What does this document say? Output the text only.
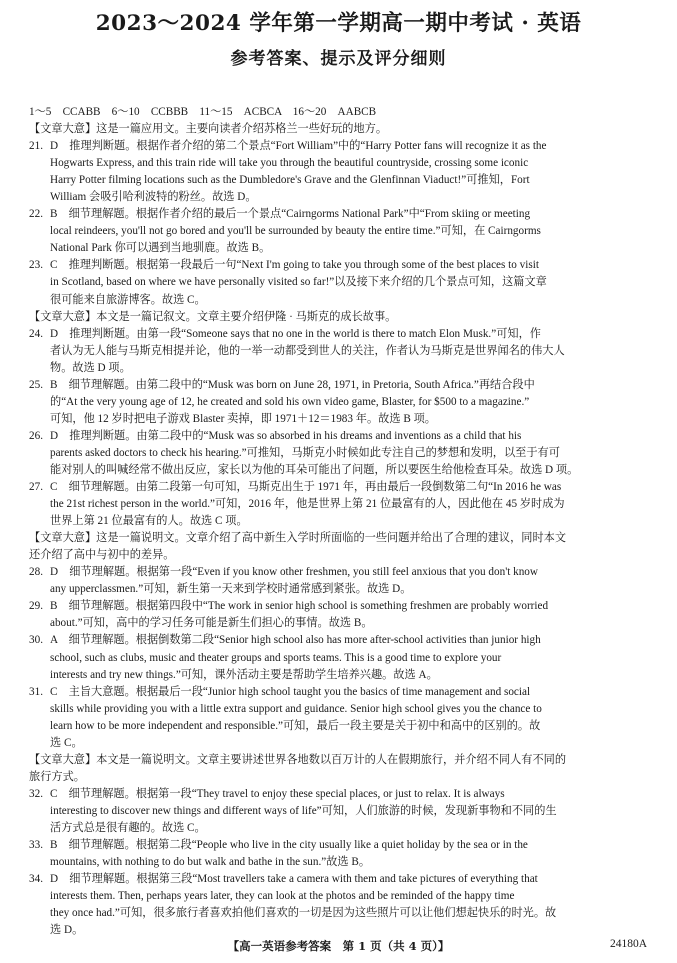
2023～2024 学年第一学期高一期中考试 · 英语
参考答案、提示及评分细则
1～5　CCABB　6～10　CCBBB　11～15　ACBCA　16～20　AABCB
【文章大意】这是一篇应用文。主要向读者介绍苏格兰一些好玩的地方。
21. D　推理判断题。根据作者介绍的第二个景点“Fort William”中的“Harry Potter fans will recognize it as the
Hogwarts Express, and this train ride will take you through the beautiful countryside, crossing some iconic
Harry Potter filming locations such as the Dumbledore's Grave and the Glenfinnan Viaduct!”可推知，Fort
William 会吸引哈利波特的粉丝。故选 D。
22. B　细节理解题。根据作者介绍的最后一个景点“Cairngorms National Park”中“From skiing or meeting
local reindeers, you'll not go bored and you'll be surrounded by beauty the entire time.”可知，在 Cairngorms
National Park 你可以遇到当地驯鹿。故选 B。
23. C　推理判断题。根据第一段最后一句“Next I'm going to take you through some of the best places to visit
in Scotland, based on where we have personally visited so far!”以及接下来介绍的几个景点可知，这篇文章
很可能来自旅游博客。故选 C。
【文章大意】本文是一篇记叙文。文章主要介绍伊隆 · 马斯克的成长故事。
24. D　推理判断题。由第一段“Someone says that no one in the world is there to match Elon Musk.”可知，作
者认为无人能与马斯克相提并论，他的一举一动都受到世人的关注，作者认为马斯克是世界闻名的伟大人
物。故选 D 项。
25. B　细节理解题。由第二段中的“Musk was born on June 28, 1971, in Pretoria, South Africa.”再结合段中
的“At the very young age of 12, he created and sold his own video game, Blaster, for $500 to a magazine.”
可知，他 12 岁时把电子游戏 Blaster 卖掉，即 1971＋12＝1983 年。故选 B 项。
26. D　推理判断题。由第二段中的“Musk was so absorbed in his dreams and inventions as a child that his
parents asked doctors to check his hearing.”可推知，马斯克小时候如此专注自己的梦想和发明，以至于有可
能对别人的叫喊经常不做出反应，家长以为他的耳朵可能出了问题，所以要医生给他检查耳朵。故选 D 项。
27. C　细节理解题。由第二段第一句可知，马斯克出生于 1971 年，再由最后一段倒数第二句“In 2016 he was
the 21st richest person in the world.”可知，2016 年，他是世界上第 21 位最富有的人，因此他在 45 岁时成为
世界上第 21 位最富有的人。故选 C 项。
【文章大意】这是一篇说明文。文章介绍了高中新生入学时所面临的一些问题并给出了合理的建议，同时本文
还介绍了高中与初中的差异。
28. D　细节理解题。根据第一段“Even if you know other freshmen, you still feel anxious that you don't know
any upperclassmen.”可知，新生第一天来到学校时通常感到紧张。故选 D。
29. B　细节理解题。根据第四段中“The work in senior high school is something freshmen are probably worried
about.”可知，高中的学习任务可能是新生们担心的事情。故选 B。
30. A　细节理解题。根据倒数第二段“Senior high school also has more after-school activities than junior high
school, such as clubs, music and theater groups and sports teams. This is a good time to explore your
interests and try new things.”可知，课外活动主要是帮助学生培养兴趣。故选 A。
31. C　主旨大意题。根据最后一段“Junior high school taught you the basics of time management and social
skills while providing you with a little extra support and guidance. Senior high school gives you the chance to
learn how to be more independent and responsible.”可知，最后一段主要是关于初中和高中的区别的。故
选 C。
【文章大意】本文是一篇说明文。文章主要讲述世界各地数以百万计的人在假期旅行，并介绍不同人有不同的
旅行方式。
32. C　细节理解题。根据第一段“They travel to enjoy these special places, or just to relax. It is always
interesting to discover new things and different ways of life”可知，人们旅游的时候，发现新事物和不同的生
活方式总是很有趣的。故选 C。
33. B　细节理解题。根据第二段“People who live in the city usually like a quiet holiday by the sea or in the
mountains, with nothing to do but walk and bathe in the sun.”故选 B。
34. D　细节理解题。根据第三段“Most travellers take a camera with them and take pictures of everything that
interests them. Then, perhaps years later, they can look at the photos and be reminded of the happy time
they once had.”可知，很多旅行者喜欢拍他们喜欢的一切是因为这些照片可以让他们想起快乐的时光。故
选 D。
【高一英语参考答案　第 1 页（共 4 页）】	24180A
